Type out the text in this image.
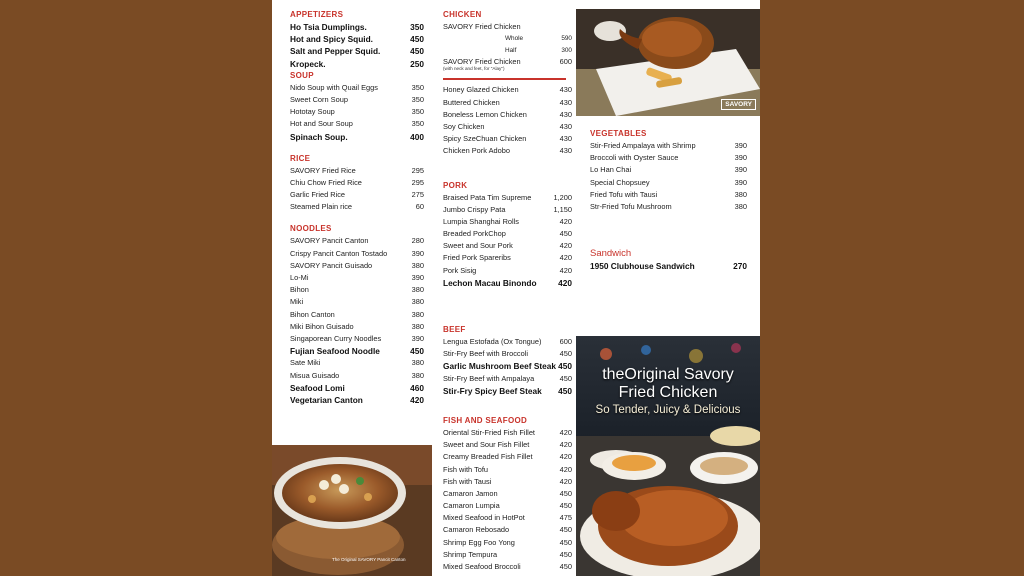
APPETIZERS
Ho Tsia Dumplings.	350
Hot and Spicy Squid.	450
Salt and Pepper Squid.	450
Kropeck.	250
SOUP
Nido Soup with Quail Eggs	350
Sweet Corn Soup	350
Hototay Soup	350
Hot and Sour Soup	350
Spinach Soup.	400
RICE
SAVORY Fried Rice	295
Chiu Chow Fried Rice	295
Garlic Fried Rice	275
Steamed Plain rice	60
NOODLES
SAVORY Pancit Canton	280
Crispy Pancit Canton Tostado	390
SAVORY Pancit Guisado	380
Lo-Mi	390
Bihon	380
Miki	380
Bihon Canton	380
Miki Bihon Guisado	380
Singaporean Curry Noodles	390
Fujian Seafood Noodle	450
Sate Miki	380
Misua Guisado	380
Seafood Lomi	460
Vegetarian Canton	420
The Original SAVORY Pancit Canton
CHICKEN
SAVORY Fried Chicken
Whole	590
Half	300
SAVORY Fried Chicken	600
(with neck and feet, for "Alay")
Honey Glazed Chicken	430
Buttered Chicken	430
Boneless Lemon Chicken	430
Soy Chicken	430
Spicy SzeChuan Chicken	430
Chicken Pork Adobo	430
PORK
Braised Pata Tim Supreme	1,200
Jumbo Crispy Pata	1,150
Lumpia Shanghai Rolls	420
Breaded PorkChop	450
Sweet and Sour Pork	420
Fried Pork Spareribs	420
Pork Sisig	420
Lechon Macau Binondo	420
BEEF
Lengua Estofada (Ox Tongue) 600
Stir-Fry Beef with Broccoli	450
Garlic Mushroom Beef Steak 450
Stir-Fry Beef with Ampalaya	450
Stir-Fry Spicy Beef Steak 450
FISH AND SEAFOOD
Oriental Stir-Fried Fish Fillet	420
Sweet and Sour Fish Fillet	420
Creamy Breaded Fish Fillet	420
Fish with Tofu	420
Fish with Tausi	420
Camaron Jamon	450
Camaron Lumpia	450
Mixed Seafood in HotPot	475
Camaron Rebosado	450
Shrimp Egg Foo Yong	450
Shrimp Tempura	450
Mixed Seafood Broccoli	450
SAVORY
VEGETABLES
Stir-Fried Ampalaya with Shrimp	390
Broccoli with Oyster Sauce	390
Lo Han Chai	390
Special Chopsuey	390
Fried Tofu with Tausi	380
Str-Fried Tofu Mushroom	380
Sandwich
1950 Clubhouse Sandwich	270
theOriginal Savory
Fried Chicken
So Tender, Juicy & Delicious
